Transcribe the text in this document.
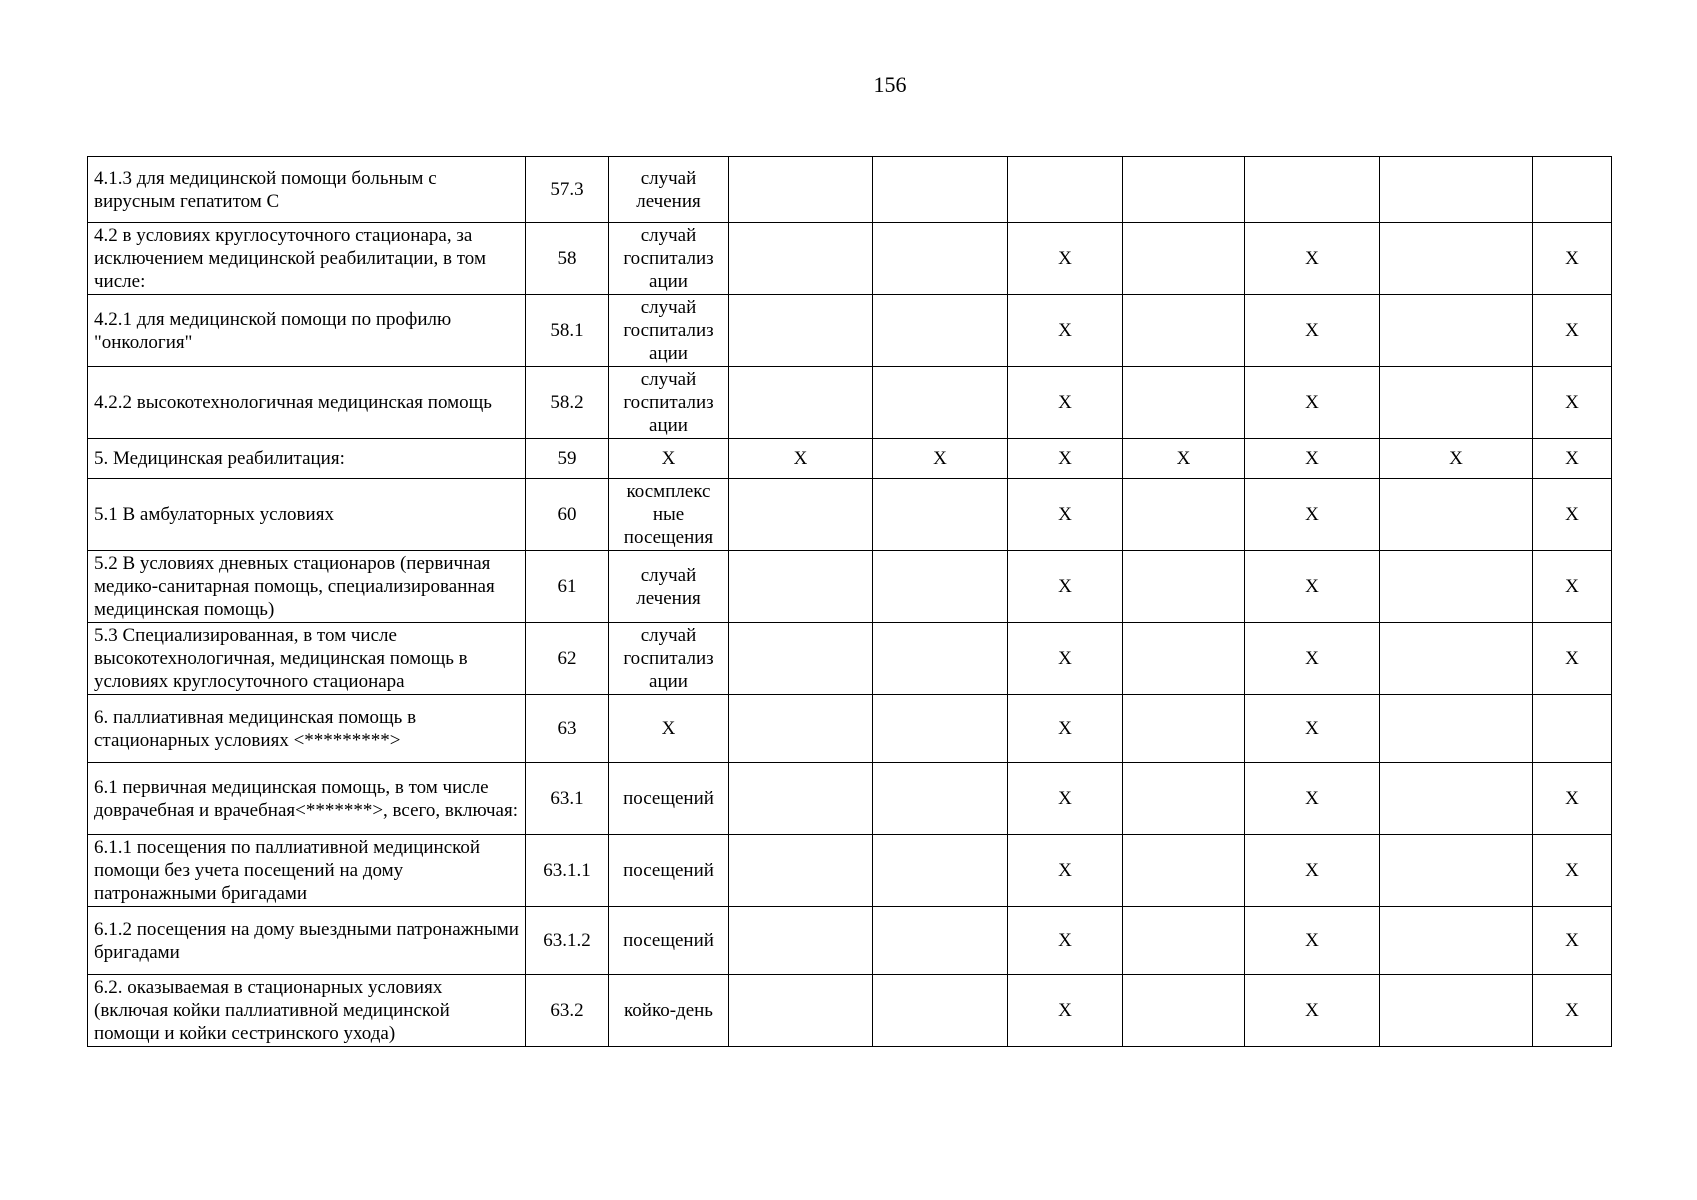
156
4.1.3 для медицинской помощи больным с вирусным гепатитом С	57.3	случай лечения							
4.2 в условиях круглосуточного стационара, за исключением медицинской реабилитации, в том числе:	58	случай госпитализ ации			X		X		X
4.2.1 для медицинской помощи по профилю "онкология"	58.1	случай госпитализ ации			X		X		X
4.2.2 высокотехнологичная медицинская помощь	58.2	случай госпитализ ации			X		X		X
5. Медицинская реабилитация:	59	X	X	X	X	X	X	X	X
5.1 В амбулаторных условиях	60	космплекс ные посещения			X		X		X
5.2 В условиях дневных стационаров (первичная медико-санитарная помощь, специализированная медицинская помощь)	61	случай лечения			X		X		X
5.3 Специализированная, в том числе высокотехнологичная, медицинская помощь в условиях круглосуточного стационара	62	случай госпитализ ации			X		X		X
6. паллиативная медицинская помощь в стационарных условиях <*********>	63	X			X		X		
6.1 первичная медицинская помощь, в том числе доврачебная и врачебная<*******>, всего, включая:	63.1	посещений			X		X		X
6.1.1 посещения по паллиативной медицинской помощи без учета посещений на дому патронажными бригадами	63.1.1	посещений			X		X		X
6.1.2 посещения на дому выездными патронажными бригадами	63.1.2	посещений			X		X		X
6.2. оказываемая в стационарных условиях (включая койки паллиативной медицинской помощи и койки сестринского ухода)	63.2	койко-день			X		X		X
